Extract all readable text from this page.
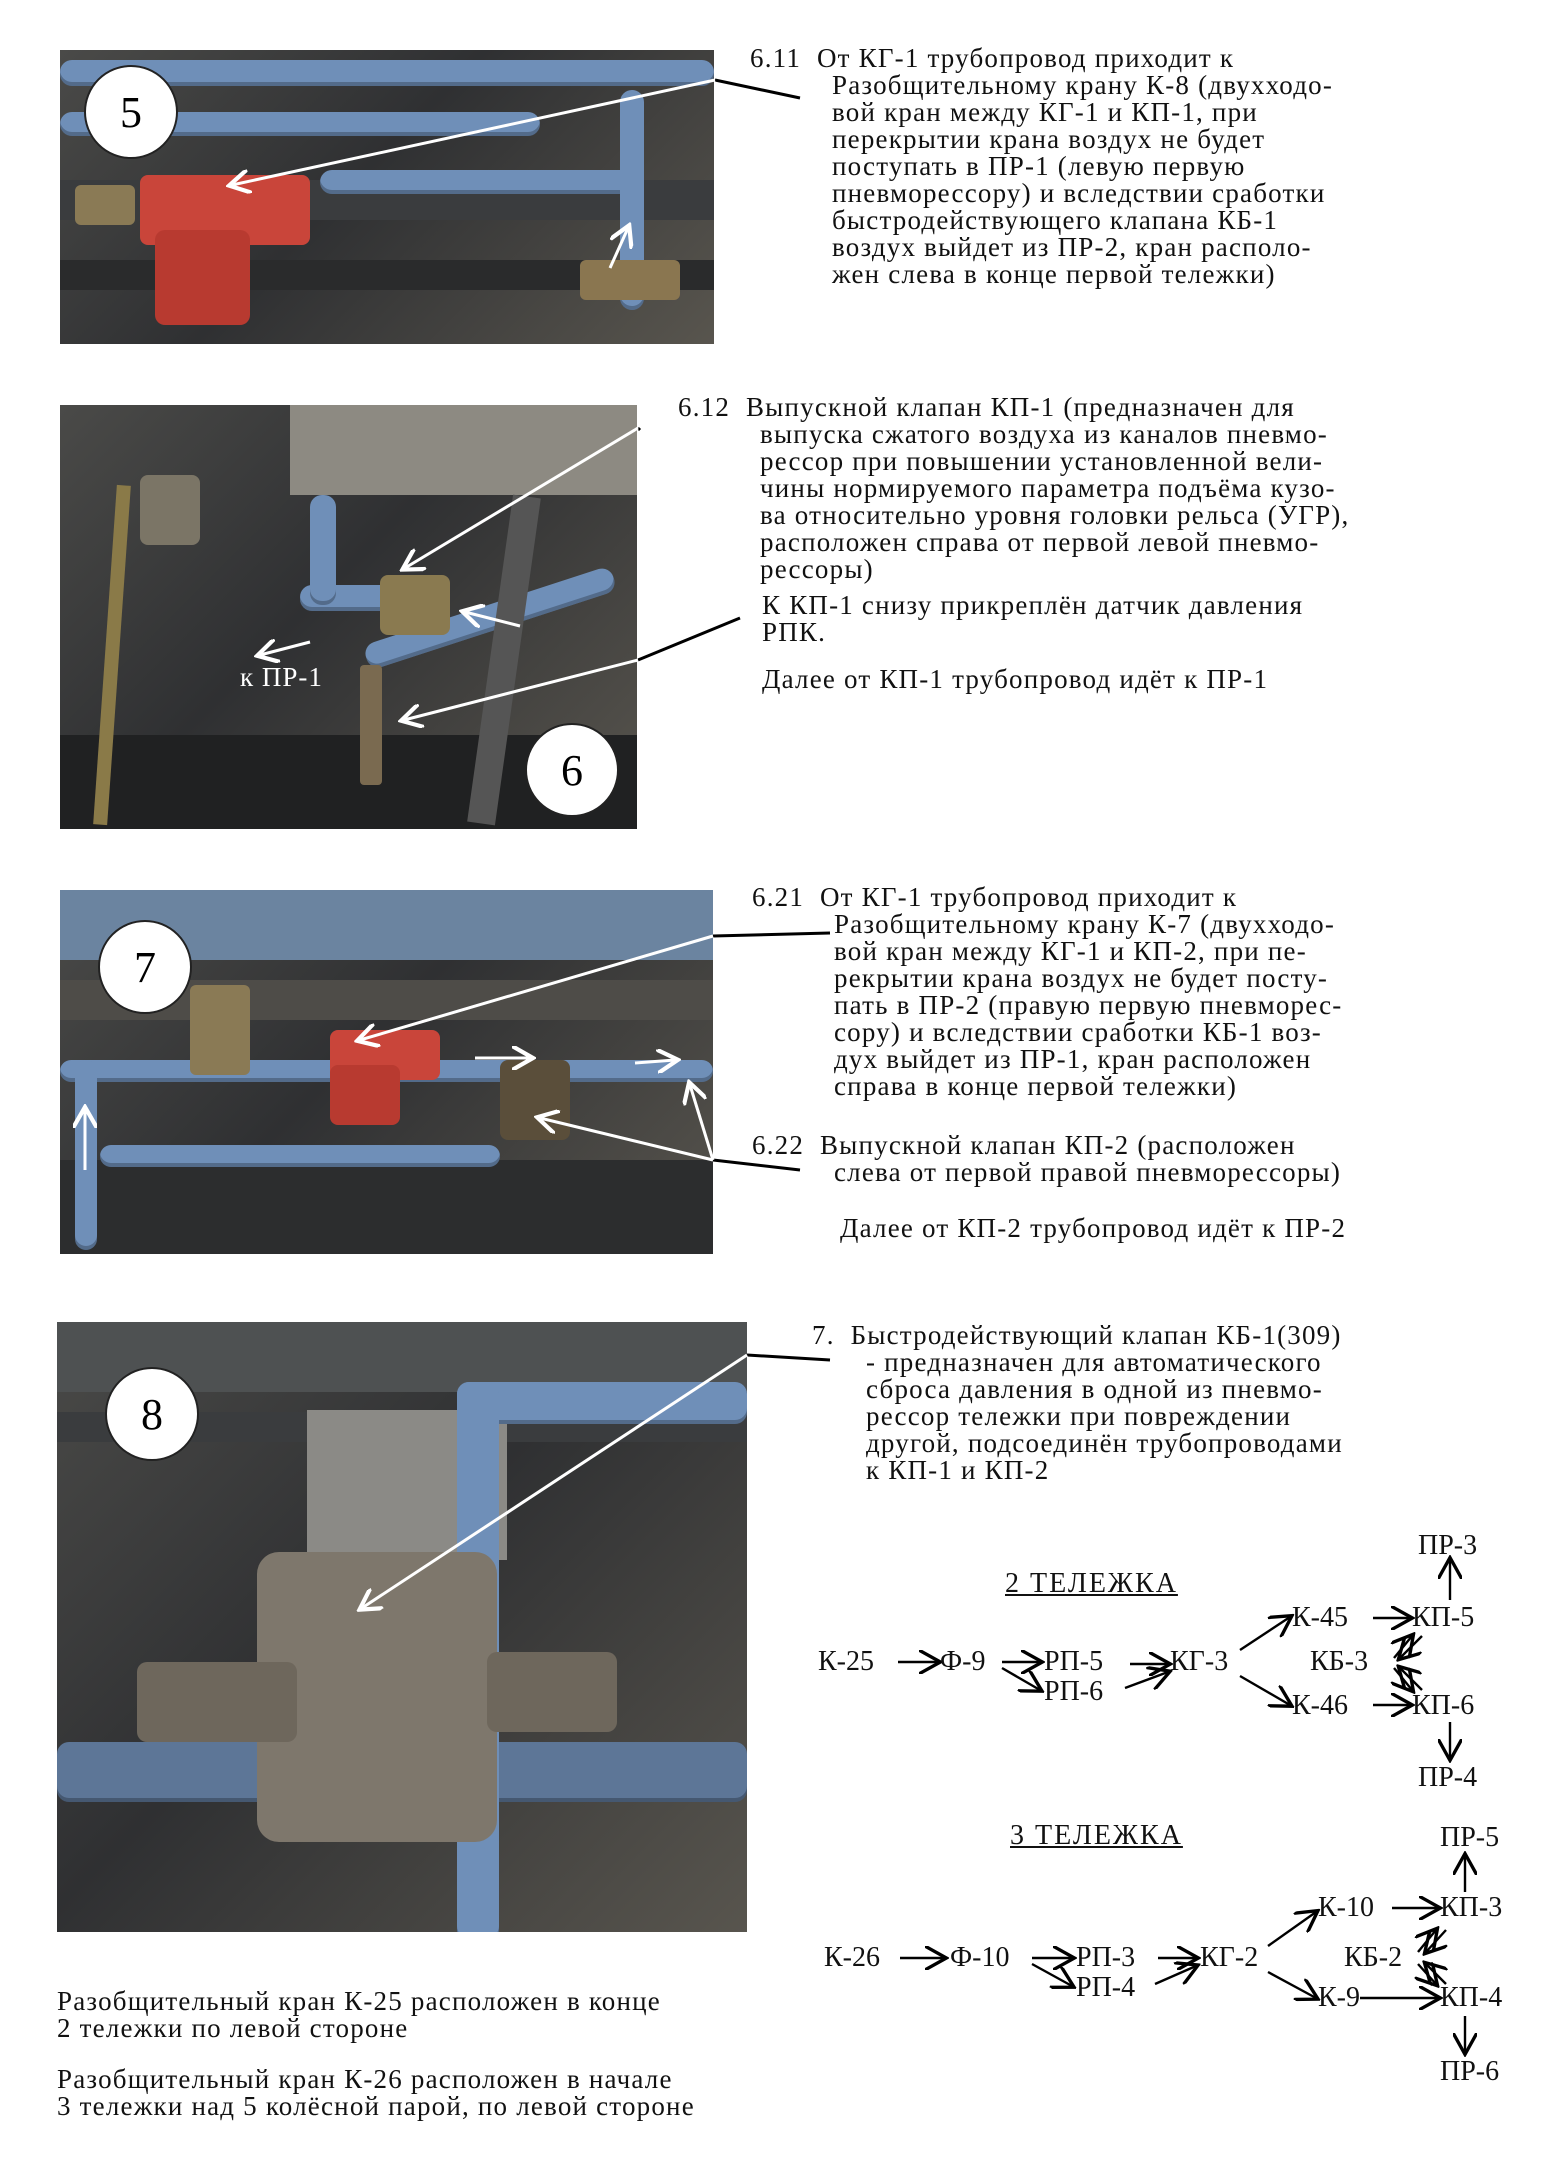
5
к ПР-1
6
7
8
6.11 От КГ-1 трубопровод приходит к
Разобщительному крану К-8 (двухходо-
вой кран между КГ-1 и КП-1, при
перекрытии крана воздух не будет
поступать в ПР-1 (левую первую
пневморессору) и вследствии сработки
быстродействующего клапана КБ-1
воздух выйдет из ПР-2, кран располо-
жен слева в конце первой тележки)
6.12 Выпускной клапан КП-1 (предназначен для
выпуска сжатого воздуха из каналов пневмо-
рессор при повышении установленной вели-
чины нормируемого параметра подъёма кузо-
ва относительно уровня головки рельса (УГР),
расположен справа от первой левой пневмо-
рессоры)
К КП-1 снизу прикреплён датчик давления
РПК.
Далее от КП-1 трубопровод идёт к ПР-1
6.21 От КГ-1 трубопровод приходит к
Разобщительному крану К-7 (двухходо-
вой кран между КГ-1 и КП-2, при пе-
рекрытии крана воздух не будет посту-
пать в ПР-2 (правую первую пневморес-
сору) и вследствии сработки КБ-1 воз-
дух выйдет из ПР-1, кран расположен
справа в конце первой тележки)
6.22 Выпускной клапан КП-2 (расположен
слева от первой правой пневморессоры)
Далее от КП-2 трубопровод идёт к ПР-2
7. Быстродействующий клапан КБ-1(309)
- предназначен для автоматического
сброса давления в одной из пневмо-
рессор тележки при повреждении
другой, подсоединён трубопроводами
к КП-1 и КП-2
2 ТЕЛЕЖКА
К-25 Ф-9 РП-5
РП-6
КГ-3
К-45
К-46
КП-5
КП-6
КБ-3
ПР-3
ПР-4
3 ТЕЛЕЖКА
К-26	Ф-10 РП-3
РП-4
КГ-2
К-10
К-9
КП-3
КП-4
КБ-2
ПР-5
ПР-6
Разобщительный кран К-25 расположен в конце
2 тележки по левой стороне
Разобщительный кран К-26 расположен в начале
3 тележки над 5 колёсной парой, по левой стороне
